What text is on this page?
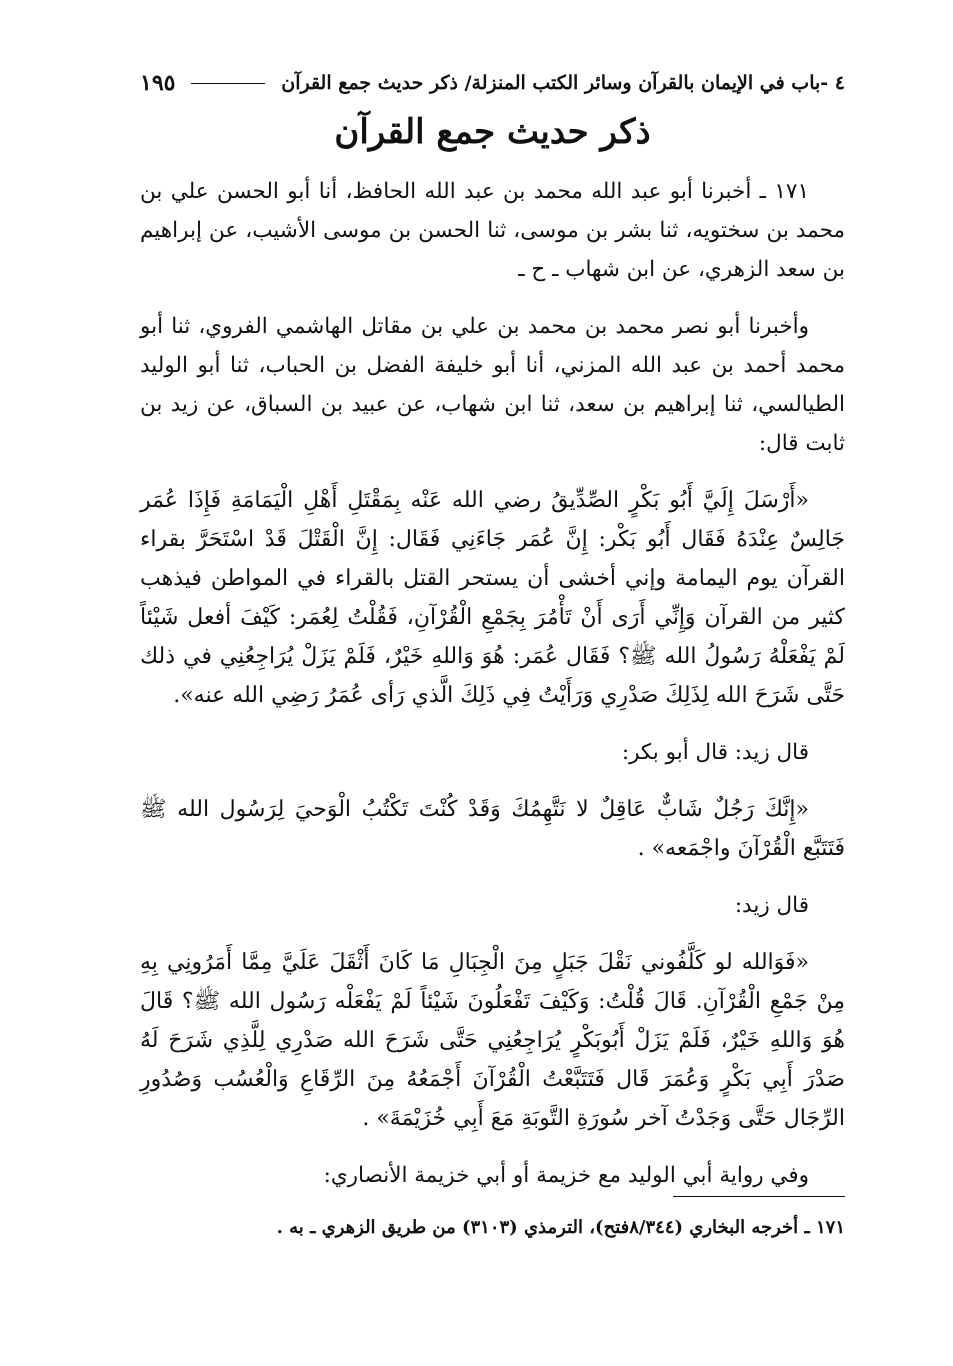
٤ -باب في الإيمان بالقرآن وسائر الكتب المنزلة/ ذكر حديث جمع القرآن
١٩٥
ذكر حديث جمع القرآن

١٧١ ـ أخبرنا أبو عبد الله محمد بن عبد الله الحافظ، أنا أبو الحسن علي بن محمد بن سختويه، ثنا بشر بن موسى، ثنا الحسن بن موسى الأشيب، عن إبراهيم بن سعد الزهري، عن ابن شهاب ـ ح ـ

وأخبرنا أبو نصر محمد بن محمد بن علي بن مقاتل الهاشمي الفروي، ثنا أبو محمد أحمد بن عبد الله المزني، أنا أبو خليفة الفضل بن الحباب، ثنا أبو الوليد الطيالسي، ثنا إبراهيم بن سعد، ثنا ابن شهاب، عن عبيد بن السباق، عن زيد بن ثابت قال:

«أَرْسَلَ إِلَيَّ أَبُو بَكْرٍ الصِّدِّيقُ رضي الله عَنْه بِمَقْتَلِ أَهْلِ الْيَمَامَةِ فَإِذَا عُمَر جَالِسٌ عِنْدَهُ فَقَال أَبُو بَكْر: إِنَّ عُمَر جَاءَنِي فَقَال: إِنَّ الْقَتْلَ قَدْ اسْتَحَرَّ بقراء القرآن يوم اليمامة وإني أخشى أن يستحر القتل بالقراء في المواطن فيذهب كثير من القرآن وَإِنِّي أَرَى أَنْ تَأْمُرَ بِجَمْعِ الْقُرْآنِ، فَقُلْتُ لِعُمَر: كَيْفَ أفعل شَيْئاً لَمْ يَفْعَلْهُ رَسُولُ الله ﷺ؟ فَقَال عُمَر: هُوَ وَاللهِ خَيْرٌ، فَلَمْ يَزَلْ يُرَاجِعُنِي في ذلك حَتَّى شَرَحَ الله لِذَلِكَ صَدْرِي وَرَأَيْتُ فِي ذَلِكَ الَّذي رَأى عُمَرُ رَضِي الله عنه».

قال زيد: قال أبو بكر:

«إِنَّكَ رَجُلٌ شَابٌّ عَاقِلٌ لا نَتَّهِمُكَ وَقَدْ كُنْتَ تَكْتُبُ الْوَحيَ لِرَسُول الله ﷺ فَتَتَبَّع الْقُرْآنَ واجْمَعه» .

قال زيد:

«فَوَالله لو كَلَّفُوني نَقْلَ جَبَلٍ مِنَ الْجِبَالِ مَا كَانَ أَثْقَلَ عَلَيَّ مِمَّا أَمَرُونِي بِهِ مِنْ جَمْعِ الْقُرْآنِ. قَالَ قُلْتُ: وَكَيْفَ تَفْعَلُونَ شَيْئاً لَمْ يَفْعَلْه رَسُول الله ﷺ؟ قَالَ هُوَ وَاللهِ خَيْرٌ، فَلَمْ يَزَلْ أَبُوبَكْرٍ يُرَاجِعُنِي حَتَّى شَرَحَ الله صَدْرِي لِلَّذِي شَرَحَ لَهُ صَدْرَ أَبِي بَكْرٍ وَعُمَرَ قَال فَتَتَبَّعْتُ الْقُرْآنَ أَجْمَعُهُ مِنَ الرِّقَاعِ وَالْعُسُب وَصُدُورِ الرِّجَال حَتَّى وَجَدْتُ آخر سُورَةِ التَّوبَةِ مَعَ أَبِي خُزَيْمَةَ» .

وفي رواية أبي الوليد مع خزيمة أو أبي خزيمة الأنصاري:

١٧١ ـ أخرجه البخاري (٨/٣٤٤فتح)، الترمذي (٣١٠٣) من طريق الزهري ـ به .
